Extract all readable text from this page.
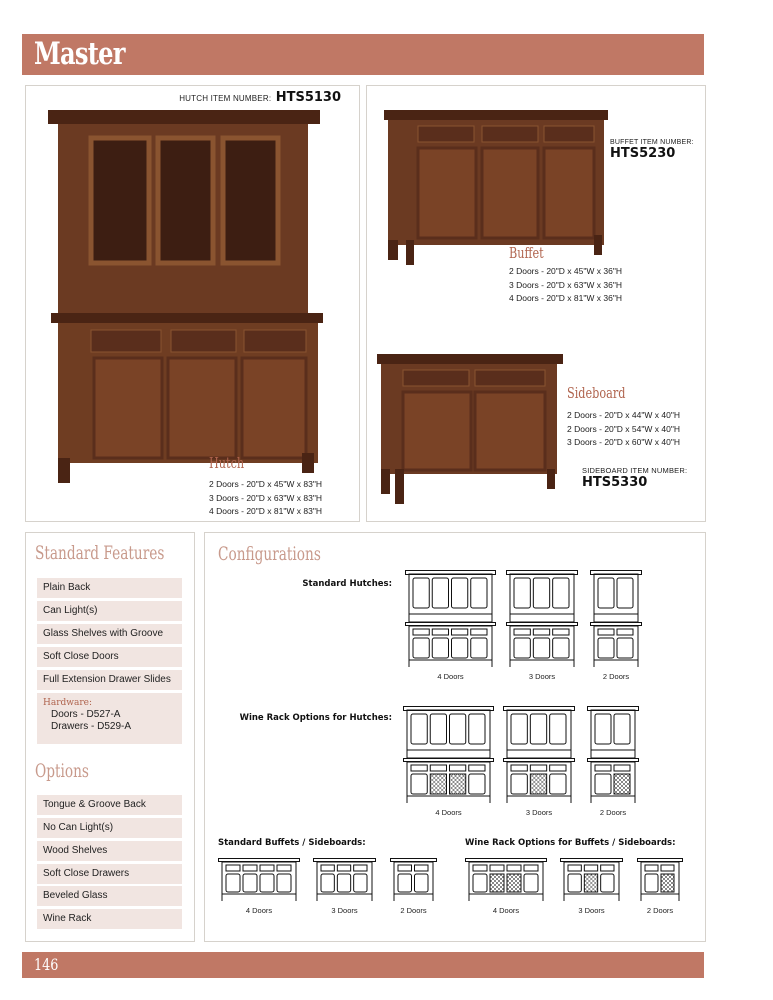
Master
HUTCH ITEM NUMBER: HTS5130
Hutch
2 Doors - 20"D x 45"W x 83"H
3 Doors - 20"D x 63"W x 83"H
4 Doors - 20"D x 81"W x 83"H
BUFFET ITEM NUMBER:
HTS5230
Buffet
2 Doors - 20"D x 45"W x 36"H
3 Doors - 20"D x 63"W x 36"H
4 Doors - 20"D x 81"W x 36"H
Sideboard
2 Doors - 20"D x 44"W x 40"H
2 Doors - 20"D x 54"W x 40"H
3 Doors - 20"D x 60"W x 40"H
SIDEBOARD ITEM NUMBER:
HTS5330
Standard Features
Plain Back
Can Light(s)
Glass Shelves with Groove
Soft Close Doors
Full Extension Drawer Slides
Hardware:
Doors - D527-A
Drawers - D529-A
Options
Tongue & Groove Back
No Can Light(s)
Wood Shelves
Soft Close Drawers
Beveled Glass
Wine Rack
Configurations
Standard Hutches:
Wine Rack Options for Hutches:
Standard Buffets / Sideboards:	Wine Rack Options for Buffets / Sideboards:
4 Doors	3 Doors	2 Doors
4 Doors	3 Doors	2 Doors
4 Doors	3 Doors	2 Doors	4 Doors	3 Doors	2 Doors
146
